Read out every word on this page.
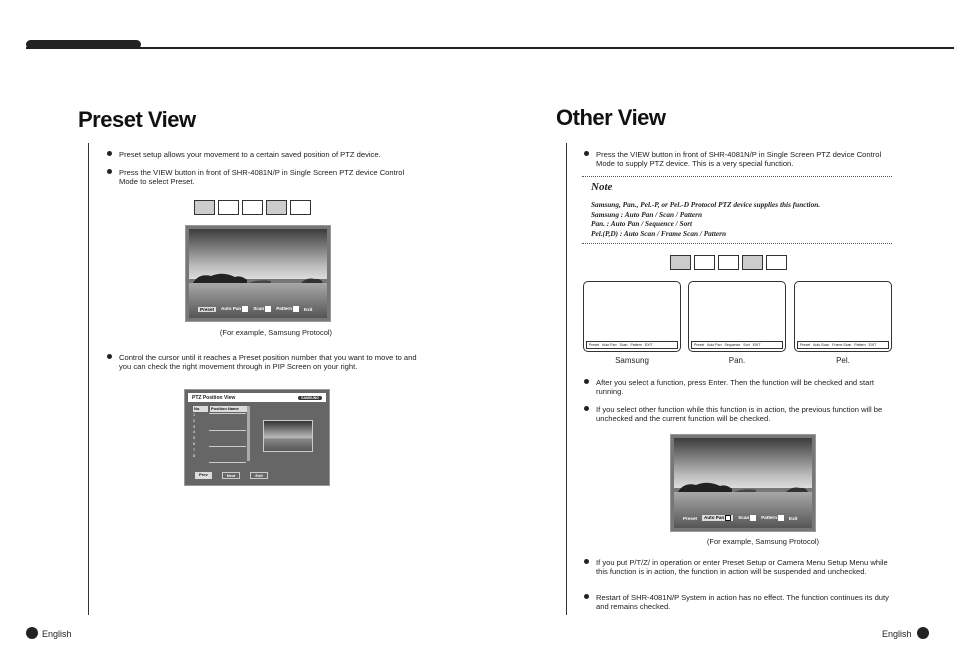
Preset View
Preset setup allows your movement to a certain saved position of PTZ device.
Press the VIEW button in front of SHR-4081N/P in Single Screen PTZ device Control Mode to select Preset.
Preset	Auto Pan	Scan	Pattern	Exit
(For example, Samsung Protocol)
Control the cursor until it reaches a Preset position number that you want to move to and you can check the right movement through in PIP Screen on your right.
PTZ Position View	SAMSUNG
No.	Position Name
1
2
3
4
5
6
7
8
Prev	Next	Exit
Other View
Press the VIEW button in front of SHR-4081N/P in Single Screen PTZ device Control Mode to supply PTZ device. This is a very special function.
Note
Samsung, Pan., Pel.-P, or Pel.-D Protocol PTZ device supplies this function.
Samsung : Auto Pan / Scan / Pattern
Pan. : Auto Pan / Sequence / Sort
Pel.(P,D) : Auto Scan / Frame Scan / Pattern
Preset Auto Pan Scan Pattern EXIT	Preset Auto Pan Sequence Sort EXIT	Preset Auto Scan Frame Scan Pattern EXIT
Samsung	Pan.	Pel.
After you select a function, press Enter. Then the function will be checked and start running.
If you select other function while this function is in action, the previous function will be unchecked and the current function will be checked.
Preset	Auto Pan	Scan	Pattern	Exit
(For example, Samsung Protocol)
If you put P/T/Z/ in operation or enter Preset Setup or Camera Menu Setup Menu while this function is in action, the function in action will be suspended and unchecked.
Restart of SHR-4081N/P System in action has no effect. The function continues its duty and remains checked.
English	English
